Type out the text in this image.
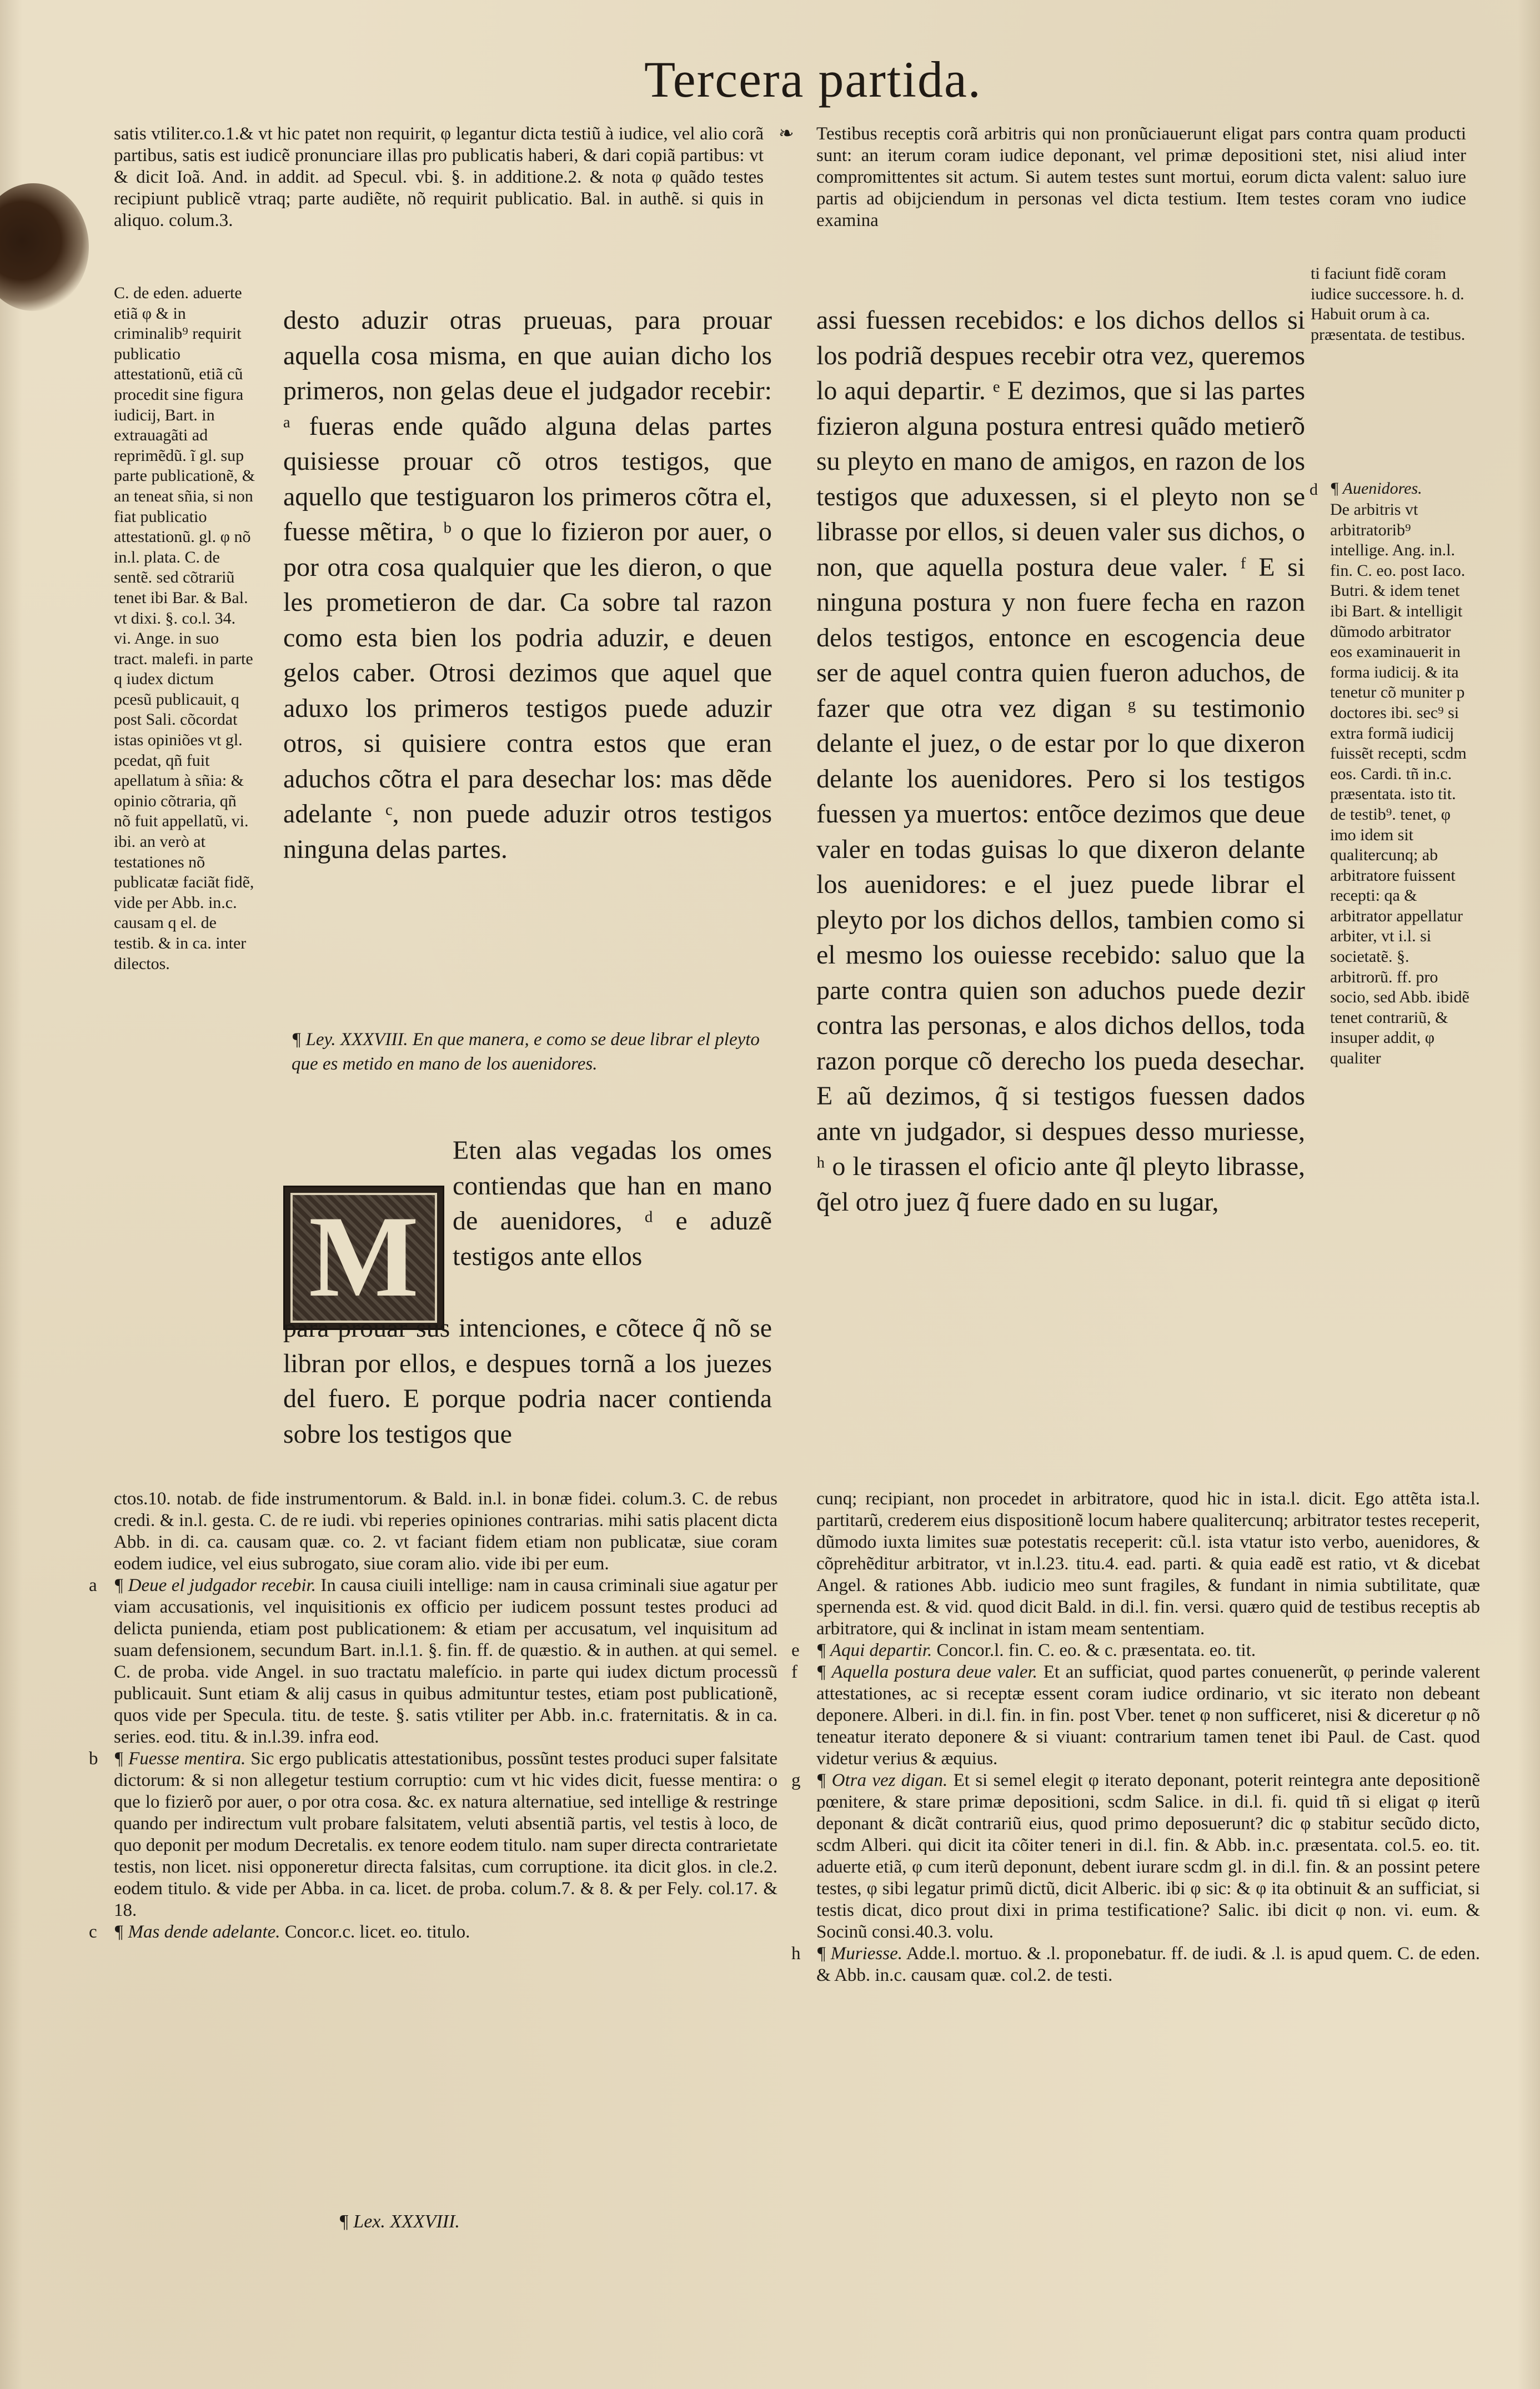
Tercera partida.
satis vtiliter.co.1.& vt hic patet non requirit, φ legantur dicta testiũ à iudice, vel alio corã partibus, satis est iudicẽ pronunciare illas pro publicatis haberi, & dari copiã partibus: vt & dicit Ioã. And. in addit. ad Specul. vbi. §. in additione.2. & nota φ quãdo testes recipiunt publicẽ vtraq; parte audiẽte, nõ requirit publicatio. Bal. in authẽ. si quis in aliquo. colum.3.
❧ Testibus receptis corã arbitris qui non pronũciauerunt eligat pars contra quam producti sunt: an iterum coram iudice deponant, vel primæ depositioni stet, nisi aliud inter compromittentes sit actum. Si autem testes sunt mortui, eorum dicta valent: saluo iure partis ad obijciendum in personas vel dicta testium. Item testes coram vno iudice examina
C. de eden. aduerte etiã φ & in criminalib⁹ requirit publicatio attestationũ, etiã cũ procedit sine figura iudicij, Bart. in extrauagãti ad reprimẽdũ. ĩ gl. sup parte publicationẽ, & an teneat sñia, si non fiat publicatio attestationũ. gl. φ nõ in.l. plata. C. de sentẽ. sed cõtrariũ tenet ibi Bar. & Bal. vt dixi. §. co.l. 34. vi. Ange. in suo tract. malefi. in parte q iudex dictum pcesũ publicauit, q post Sali. cõcordat istas opiniões vt gl. pcedat, qñ fuit apellatum à sñia: & opinio cõtraria, qñ nõ fuit appellatũ, vi. ibi. an verò at testationes nõ publicatæ faciãt fidẽ, vide per Abb. in.c. causam q el. de testib. & in ca. inter dilectos.
ti faciunt fidẽ coram iudice successore. h. d. Habuit orum à ca. præsentata. de testibus.
d ¶ Auenidores.
De arbitris vt arbitratorib⁹ intellige. Ang. in.l. fin. C. eo. post Iaco. Butri. & idem tenet ibi Bart. & intelligit dũmodo arbitrator eos examinauerit in forma iudicij. & ita tenetur cõ muniter p doctores ibi. sec⁹ si extra formã iudicij fuissẽt recepti, scdm eos. Cardi. tñ in.c. præsentata. isto tit. de testib⁹. tenet, φ imo idem sit qualitercunq; ab arbitratore fuissent recepti: qa & arbitrator appellatur arbiter, vt i.l. si societatẽ. §. arbitrorũ. ff. pro socio, sed Abb. ibidẽ tenet contrariũ, & insuper addit, φ qualiter
desto aduzir otras prueuas, para prouar aquella cosa misma, en que auian dicho los primeros, non gelas deue el judgador recebir: ᵃ fueras ende quãdo alguna delas partes quisiesse prouar cõ otros testigos, que aquello que testiguaron los primeros cõtra el, fuesse mẽtira, ᵇ o que lo fizieron por auer, o por otra cosa qualquier que les dieron, o que les prometieron de dar. Ca sobre tal razon como esta bien los podria aduzir, e deuen gelos caber. Otrosi dezimos que aquel que aduxo los primeros testigos puede aduzir otros, si quisiere contra estos que eran aduchos cõtra el para desechar los: mas dẽde adelante ᶜ, non puede aduzir otros testigos ninguna delas partes.
¶ Ley. XXXVIII. En que manera, e como se deue librar el pleyto que es metido en mano de los auenidores.
M
Eten alas vegadas los omes contiendas que han en mano de auenidores, ᵈ e aduzẽ testigos ante ellos
para prouar sus intenciones, e cõtece q̃ nõ se libran por ellos, e despues tornã a los juezes del fuero. E porque podria nacer contienda sobre los testigos que
assi fuessen recebidos: e los dichos dellos si los podriã despues recebir otra vez, queremos lo aqui departir. ᵉ E dezimos, que si las partes fizieron alguna postura entresi quãdo metierõ su pleyto en mano de amigos, en razon de los testigos que aduxessen, si el pleyto non se librasse por ellos, si deuen valer sus dichos, o non, que aquella postura deue valer. ᶠ E si ninguna postura y non fuere fecha en razon delos testigos, entonce en escogencia deue ser de aquel contra quien fueron aduchos, de fazer que otra vez digan ᵍ su testimonio delante el juez, o de estar por lo que dixeron delante los auenidores. Pero si los testigos fuessen ya muertos: entõce dezimos que deue valer en todas guisas lo que dixeron delante los auenidores: e el juez puede librar el pleyto por los dichos dellos, tambien como si el mesmo los ouiesse recebido: saluo que la parte contra quien son aduchos puede dezir contra las personas, e alos dichos dellos, toda razon porque cõ derecho los pueda desechar. E aũ dezimos, q̃ si testigos fuessen dados ante vn judgador, si despues desso muriesse, ʰ o le tirassen el oficio ante q̃l pleyto librasse, q̃el otro juez q̃ fuere dado en su lugar,
ctos.10. notab. de fide instrumentorum. & Bald. in.l. in bonæ fidei. colum.3. C. de rebus credi. & in.l. gesta. C. de re iudi. vbi reperies opiniones contrarias. mihi satis placent dicta Abb. in di. ca. causam quæ. co. 2. vt faciant fidem etiam non publicatæ, siue coram eodem iudice, vel eius subrogato, siue coram alio. vide ibi per eum.
a ¶ Deue el judgador recebir. In causa ciuili intellige: nam in causa criminali siue agatur per viam accusationis, vel inquisitionis ex officio per iudicem possunt testes produci ad delicta punienda, etiam post publicationem: & etiam per accusatum, vel inquisitum ad suam defensionem, secundum Bart. in.l.1. §. fin. ff. de quæstio. & in authen. at qui semel. C. de proba. vide Angel. in suo tractatu malefício. in parte qui iudex dictum processũ publicauit. Sunt etiam & alij casus in quibus admituntur testes, etiam post publicationẽ, quos vide per Specula. titu. de teste. §. satis vtiliter per Abb. in.c. fraternitatis. & in ca. series. eod. titu. & in.l.39. infra eod.
b ¶ Fuesse mentira. Sic ergo publicatis attestationibus, possũnt testes produci super falsitate dictorum: & si non allegetur testium corruptio: cum vt hic vides dicit, fuesse mentira: o que lo fizierõ por auer, o por otra cosa. &c. ex natura alternatiue, sed intellige & restringe quando per indirectum vult probare falsitatem, veluti absentiã partis, vel testis à loco, de quo deponit per modum Decretalis. ex tenore eodem titulo. nam super directa contrarietate testis, non licet. nisi opponeretur directa falsitas, cum corruptione. ita dicit glos. in cle.2. eodem titulo. & vide per Abba. in ca. licet. de proba. colum.7. & 8. & per Fely. col.17. & 18.
c ¶ Mas dende adelante. Concor.c. licet. eo. titulo.
cunq; recipiant, non procedet in arbitratore, quod hic in ista.l. dicit. Ego attẽta ista.l. partitarũ, crederem eius dispositionẽ locum habere qualitercunq; arbitrator testes receperit, dũmodo iuxta limites suæ potestatis receperit: cũ.l. ista vtatur isto verbo, auenidores, & cõprehẽditur arbitrator, vt in.l.23. titu.4. ead. parti. & quia eadẽ est ratio, vt & dicebat Angel. & rationes Abb. iudicio meo sunt fragiles, & fundant in nimia subtilitate, quæ spernenda est. & vid. quod dicit Bald. in di.l. fin. versi. quæro quid de testibus receptis ab arbitratore, qui & inclinat in istam meam sententiam.
e ¶ Aqui departir. Concor.l. fin. C. eo. & c. præsentata. eo. tit.
f	¶ Aquella postura deue valer. Et an sufficiat, quod partes conuenerũt, φ perinde valerent attestationes, ac si receptæ essent coram iudice ordinario, vt sic iterato non debeant deponere. Alberi. in di.l. fin. in fin. post Vber. tenet φ non sufficeret, nisi & diceretur φ nõ teneatur iterato deponere & si viuant: contrarium tamen tenet ibi Paul. de Cast. quod videtur verius & æquius.
g ¶ Otra vez digan. Et si semel elegit φ iterato deponant, poterit reintegra ante depositionẽ pœnitere, & stare primæ depositioni, scdm Salice. in di.l. fi. quid tñ si eligat φ iterũ deponant & dicãt contrariũ eius, quod primo deposuerunt? dic φ stabitur secũdo dicto, scdm Alberi. qui dicit ita cõiter teneri in di.l. fin. & Abb. in.c. præsentata. col.5. eo. tit. aduerte etiã, φ cum iterũ deponunt, debent iurare scdm gl. in di.l. fin. & an possint petere testes, φ sibi legatur primũ dictũ, dicit Alberic. ibi φ sic: & φ ita obtinuit & an sufficiat, si testis dicat, dico prout dixi in prima testificatione? Salic. ibi dicit φ non. vi. eum. & Socinũ consi.40.3. volu.
h ¶ Muriesse. Adde.l. mortuo. & .l. proponebatur. ff. de iudi. & .l. is apud quem. C. de eden. & Abb. in.c. causam quæ. col.2. de testi.
¶ Lex. XXXVIII.
